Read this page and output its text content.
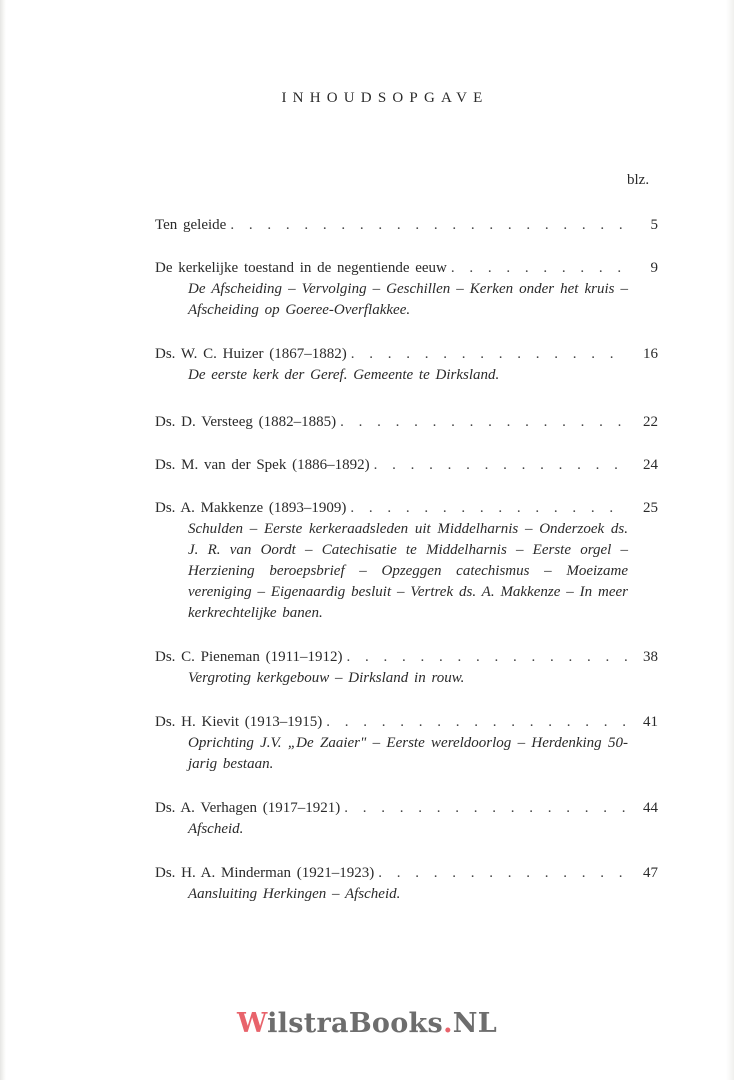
INHOUDSOPGAVE
blz.
Ten geleide . . .	5
De kerkelijke toestand in de negentiende eeuw . . .	9
De Afscheiding – Vervolging – Geschillen – Kerken onder het kruis – Afscheiding op Goeree-Overflakkee.
Ds. W. C. Huizer (1867–1882) . . .	16
De eerste kerk der Geref. Gemeente te Dirksland.
Ds. D. Versteeg (1882–1885) . . .	22
Ds. M. van der Spek (1886–1892) . . .	24
Ds. A. Makkenze (1893–1909) . . .	25
Schulden – Eerste kerkeraadsleden uit Middelharnis – Onderzoek ds. J. R. van Oordt – Catechisatie te Middelharnis – Eerste orgel – Herziening beroepsbrief – Opzeggen catechismus – Moeizame vereniging – Eigenaardig besluit – Vertrek ds. A. Makkenze – In meer kerkrechtelijke banen.
Ds. C. Pieneman (1911–1912) . . .	38
Vergroting kerkgebouw – Dirksland in rouw.
Ds. H. Kievit (1913–1915) . . .	41
Oprichting J.V. „De Zaaier" – Eerste wereldoorlog – Herdenking 50-jarig bestaan.
Ds. A. Verhagen (1917–1921) . . .	44
Afscheid.
Ds. H. A. Minderman (1921–1923) . . .	47
Aansluiting Herkingen – Afscheid.
WilstraBooks.NL
